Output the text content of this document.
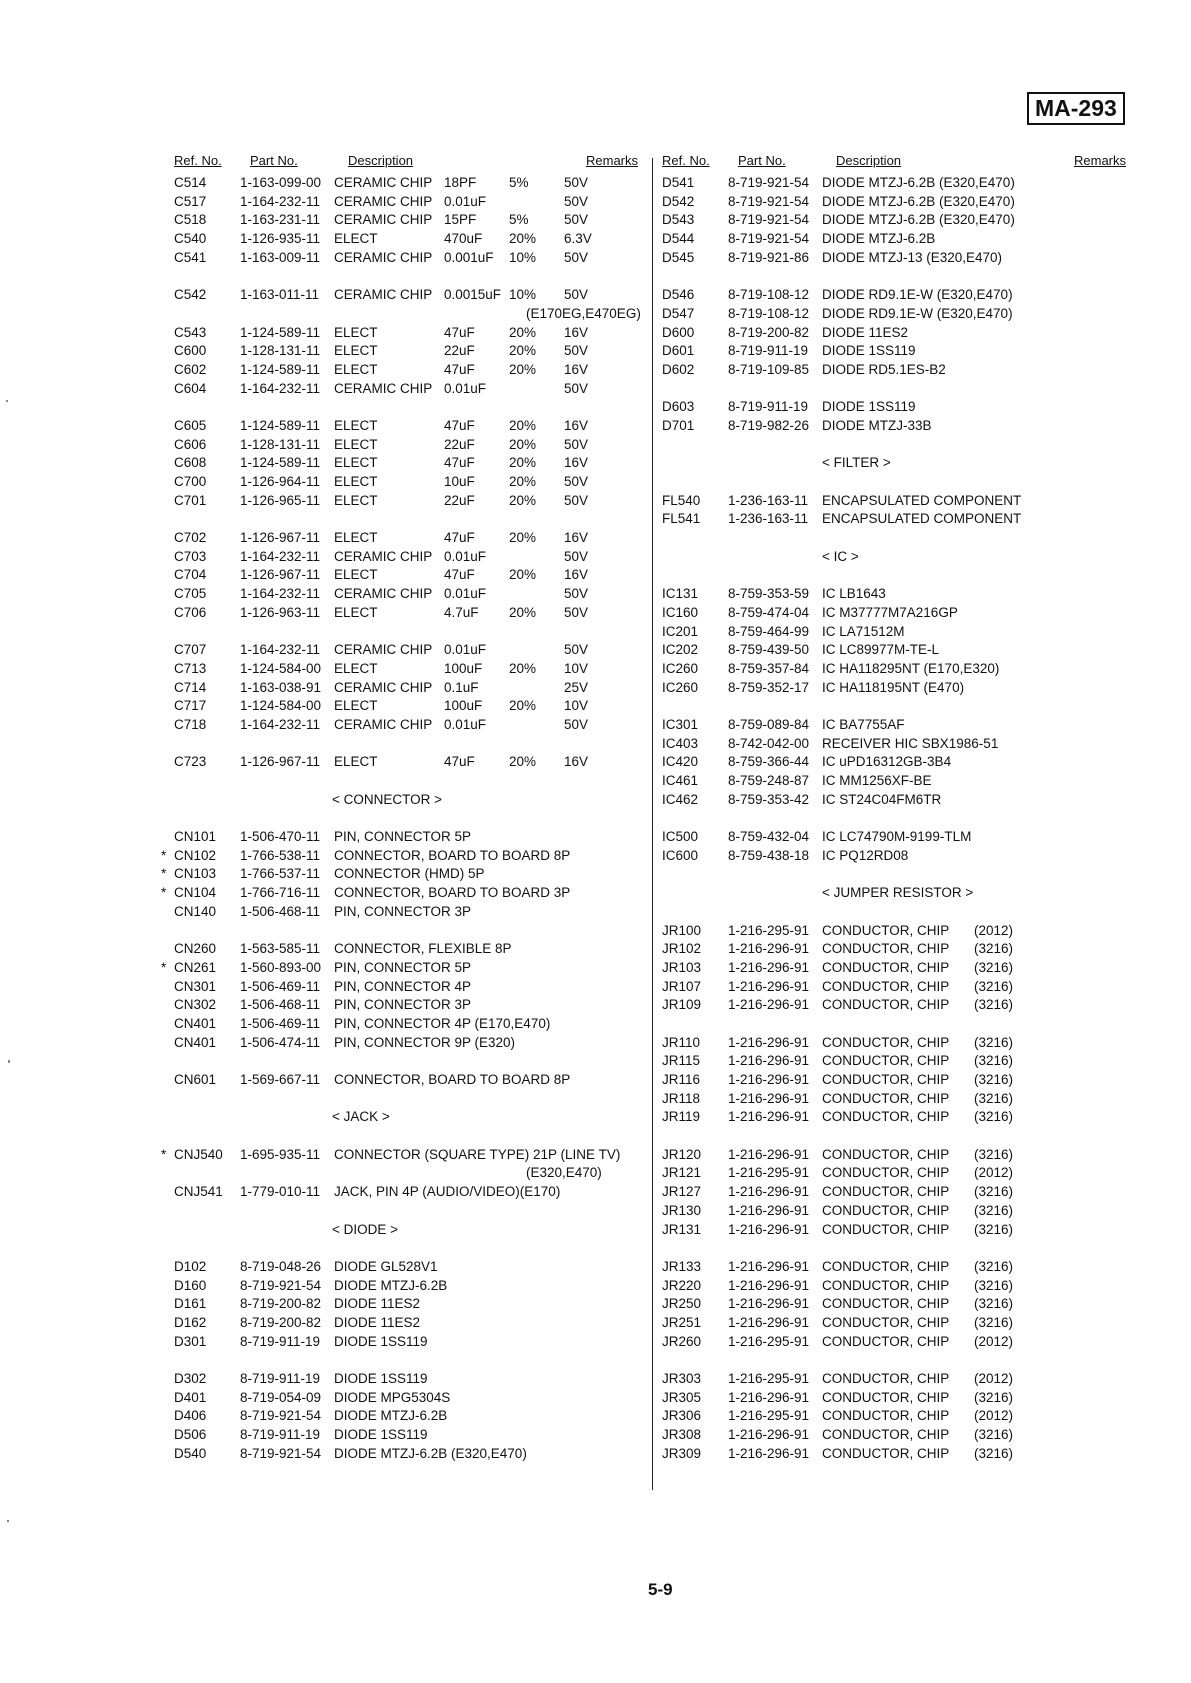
MA-293
Ref. No. Part No.	Description	Remarks
C514 1-163-099-00 CERAMIC CHIP 18PF 5%	50V
C517 1-164-232-11 CERAMIC CHIP 0.01uF	50V
C518 1-163-231-11 CERAMIC CHIP 15PF 5%	50V
C540 1-126-935-11 ELECT	470uF 20% 6.3V
C541 1-163-009-11 CERAMIC CHIP 0.001uF 10% 50V
C542 1-163-011-11 CERAMIC CHIP 0.0015uF 10% 50V
(E170EG,E470EG)
C543 1-124-589-11 ELECT	47uF	20% 16V
C600 1-128-131-11 ELECT	22uF	20% 50V
C602 1-124-589-11 ELECT	47uF	20% 16V
C604 1-164-232-11 CERAMIC CHIP 0.01uF	50V
C605 1-124-589-11 ELECT	47uF	20% 16V
C606 1-128-131-11 ELECT	22uF	20% 50V
C608 1-124-589-11 ELECT	47uF	20% 16V
C700 1-126-964-11 ELECT	10uF	20% 50V
C701 1-126-965-11 ELECT	22uF	20% 50V
C702 1-126-967-11 ELECT	47uF	20% 16V
C703 1-164-232-11 CERAMIC CHIP 0.01uF	50V
C704 1-126-967-11 ELECT	47uF	20% 16V
C705 1-164-232-11 CERAMIC CHIP 0.01uF	50V
C706 1-126-963-11 ELECT	4.7uF 20% 50V
C707 1-164-232-11 CERAMIC CHIP 0.01uF	50V
C713 1-124-584-00 ELECT	100uF 20% 10V
C714 1-163-038-91 CERAMIC CHIP 0.1uF	25V
C717 1-124-584-00 ELECT	100uF 20% 10V
C718 1-164-232-11 CERAMIC CHIP 0.01uF	50V
C723 1-126-967-11 ELECT	47uF	20% 16V
< CONNECTOR >
CN101 1-506-470-11 PIN, CONNECTOR 5P
* CN102 1-766-538-11 CONNECTOR, BOARD TO BOARD 8P
* CN103 1-766-537-11 CONNECTOR (HMD) 5P
* CN104 1-766-716-11 CONNECTOR, BOARD TO BOARD 3P
CN140 1-506-468-11 PIN, CONNECTOR 3P
CN260 1-563-585-11 CONNECTOR, FLEXIBLE 8P
* CN261 1-560-893-00 PIN, CONNECTOR 5P
CN301 1-506-469-11 PIN, CONNECTOR 4P
CN302 1-506-468-11 PIN, CONNECTOR 3P
CN401 1-506-469-11 PIN, CONNECTOR 4P (E170,E470)
CN401 1-506-474-11 PIN, CONNECTOR 9P (E320)
CN601 1-569-667-11 CONNECTOR, BOARD TO BOARD 8P
< JACK >
* CNJ540 1-695-935-11 CONNECTOR (SQUARE TYPE) 21P (LINE TV)
(E320,E470)
CNJ541 1-779-010-11 JACK, PIN 4P (AUDIO/VIDEO)(E170)
< DIODE >
D102 8-719-048-26 DIODE GL528V1
D160 8-719-921-54 DIODE MTZJ-6.2B
D161 8-719-200-82 DIODE 11ES2
D162 8-719-200-82 DIODE 11ES2
D301 8-719-911-19 DIODE 1SS119
D302 8-719-911-19 DIODE 1SS119
D401 8-719-054-09 DIODE MPG5304S
D406 8-719-921-54 DIODE MTZJ-6.2B
D506 8-719-911-19 DIODE 1SS119
D540 8-719-921-54 DIODE MTZJ-6.2B (E320,E470)
Ref. No. Part No.	Description	Remarks
D541 8-719-921-54 DIODE MTZJ-6.2B (E320,E470)
D542 8-719-921-54 DIODE MTZJ-6.2B (E320,E470)
D543 8-719-921-54 DIODE MTZJ-6.2B (E320,E470)
D544 8-719-921-54 DIODE MTZJ-6.2B
D545 8-719-921-86 DIODE MTZJ-13 (E320,E470)
D546 8-719-108-12 DIODE RD9.1E-W (E320,E470)
D547 8-719-108-12 DIODE RD9.1E-W (E320,E470)
D600 8-719-200-82 DIODE 11ES2
D601 8-719-911-19 DIODE 1SS119
D602 8-719-109-85 DIODE RD5.1ES-B2
D603 8-719-911-19 DIODE 1SS119
D701 8-719-982-26 DIODE MTZJ-33B
< FILTER >
FL540 1-236-163-11 ENCAPSULATED COMPONENT
FL541 1-236-163-11 ENCAPSULATED COMPONENT
< IC >
IC131 8-759-353-59 IC LB1643
IC160 8-759-474-04 IC M37777M7A216GP
IC201 8-759-464-99 IC LA71512M
IC202 8-759-439-50 IC LC89977M-TE-L
IC260 8-759-357-84 IC HA118295NT (E170,E320)
IC260 8-759-352-17 IC HA118195NT (E470)
IC301 8-759-089-84 IC BA7755AF
IC403 8-742-042-00 RECEIVER HIC SBX1986-51
IC420 8-759-366-44 IC uPD16312GB-3B4
IC461 8-759-248-87 IC MM1256XF-BE
IC462 8-759-353-42 IC ST24C04FM6TR
IC500 8-759-432-04 IC LC74790M-9199-TLM
IC600 8-759-438-18 IC PQ12RD08
< JUMPER RESISTOR >
JR100 1-216-295-91 CONDUCTOR, CHIP (2012)
JR102 1-216-296-91 CONDUCTOR, CHIP (3216)
JR103 1-216-296-91 CONDUCTOR, CHIP (3216)
JR107 1-216-296-91 CONDUCTOR, CHIP (3216)
JR109 1-216-296-91 CONDUCTOR, CHIP (3216)
JR110 1-216-296-91 CONDUCTOR, CHIP (3216)
JR115 1-216-296-91 CONDUCTOR, CHIP (3216)
JR116 1-216-296-91 CONDUCTOR, CHIP (3216)
JR118 1-216-296-91 CONDUCTOR, CHIP (3216)
JR119 1-216-296-91 CONDUCTOR, CHIP (3216)
JR120 1-216-296-91 CONDUCTOR, CHIP (3216)
JR121 1-216-295-91 CONDUCTOR, CHIP (2012)
JR127 1-216-296-91 CONDUCTOR, CHIP (3216)
JR130 1-216-296-91 CONDUCTOR, CHIP (3216)
JR131 1-216-296-91 CONDUCTOR, CHIP (3216)
JR133 1-216-296-91 CONDUCTOR, CHIP (3216)
JR220 1-216-296-91 CONDUCTOR, CHIP (3216)
JR250 1-216-296-91 CONDUCTOR, CHIP (3216)
JR251 1-216-296-91 CONDUCTOR, CHIP (3216)
JR260 1-216-295-91 CONDUCTOR, CHIP (2012)
JR303 1-216-295-91 CONDUCTOR, CHIP (2012)
JR305 1-216-296-91 CONDUCTOR, CHIP (3216)
JR306 1-216-295-91 CONDUCTOR, CHIP (2012)
JR308 1-216-296-91 CONDUCTOR, CHIP (3216)
JR309 1-216-296-91 CONDUCTOR, CHIP (3216)
5-9
